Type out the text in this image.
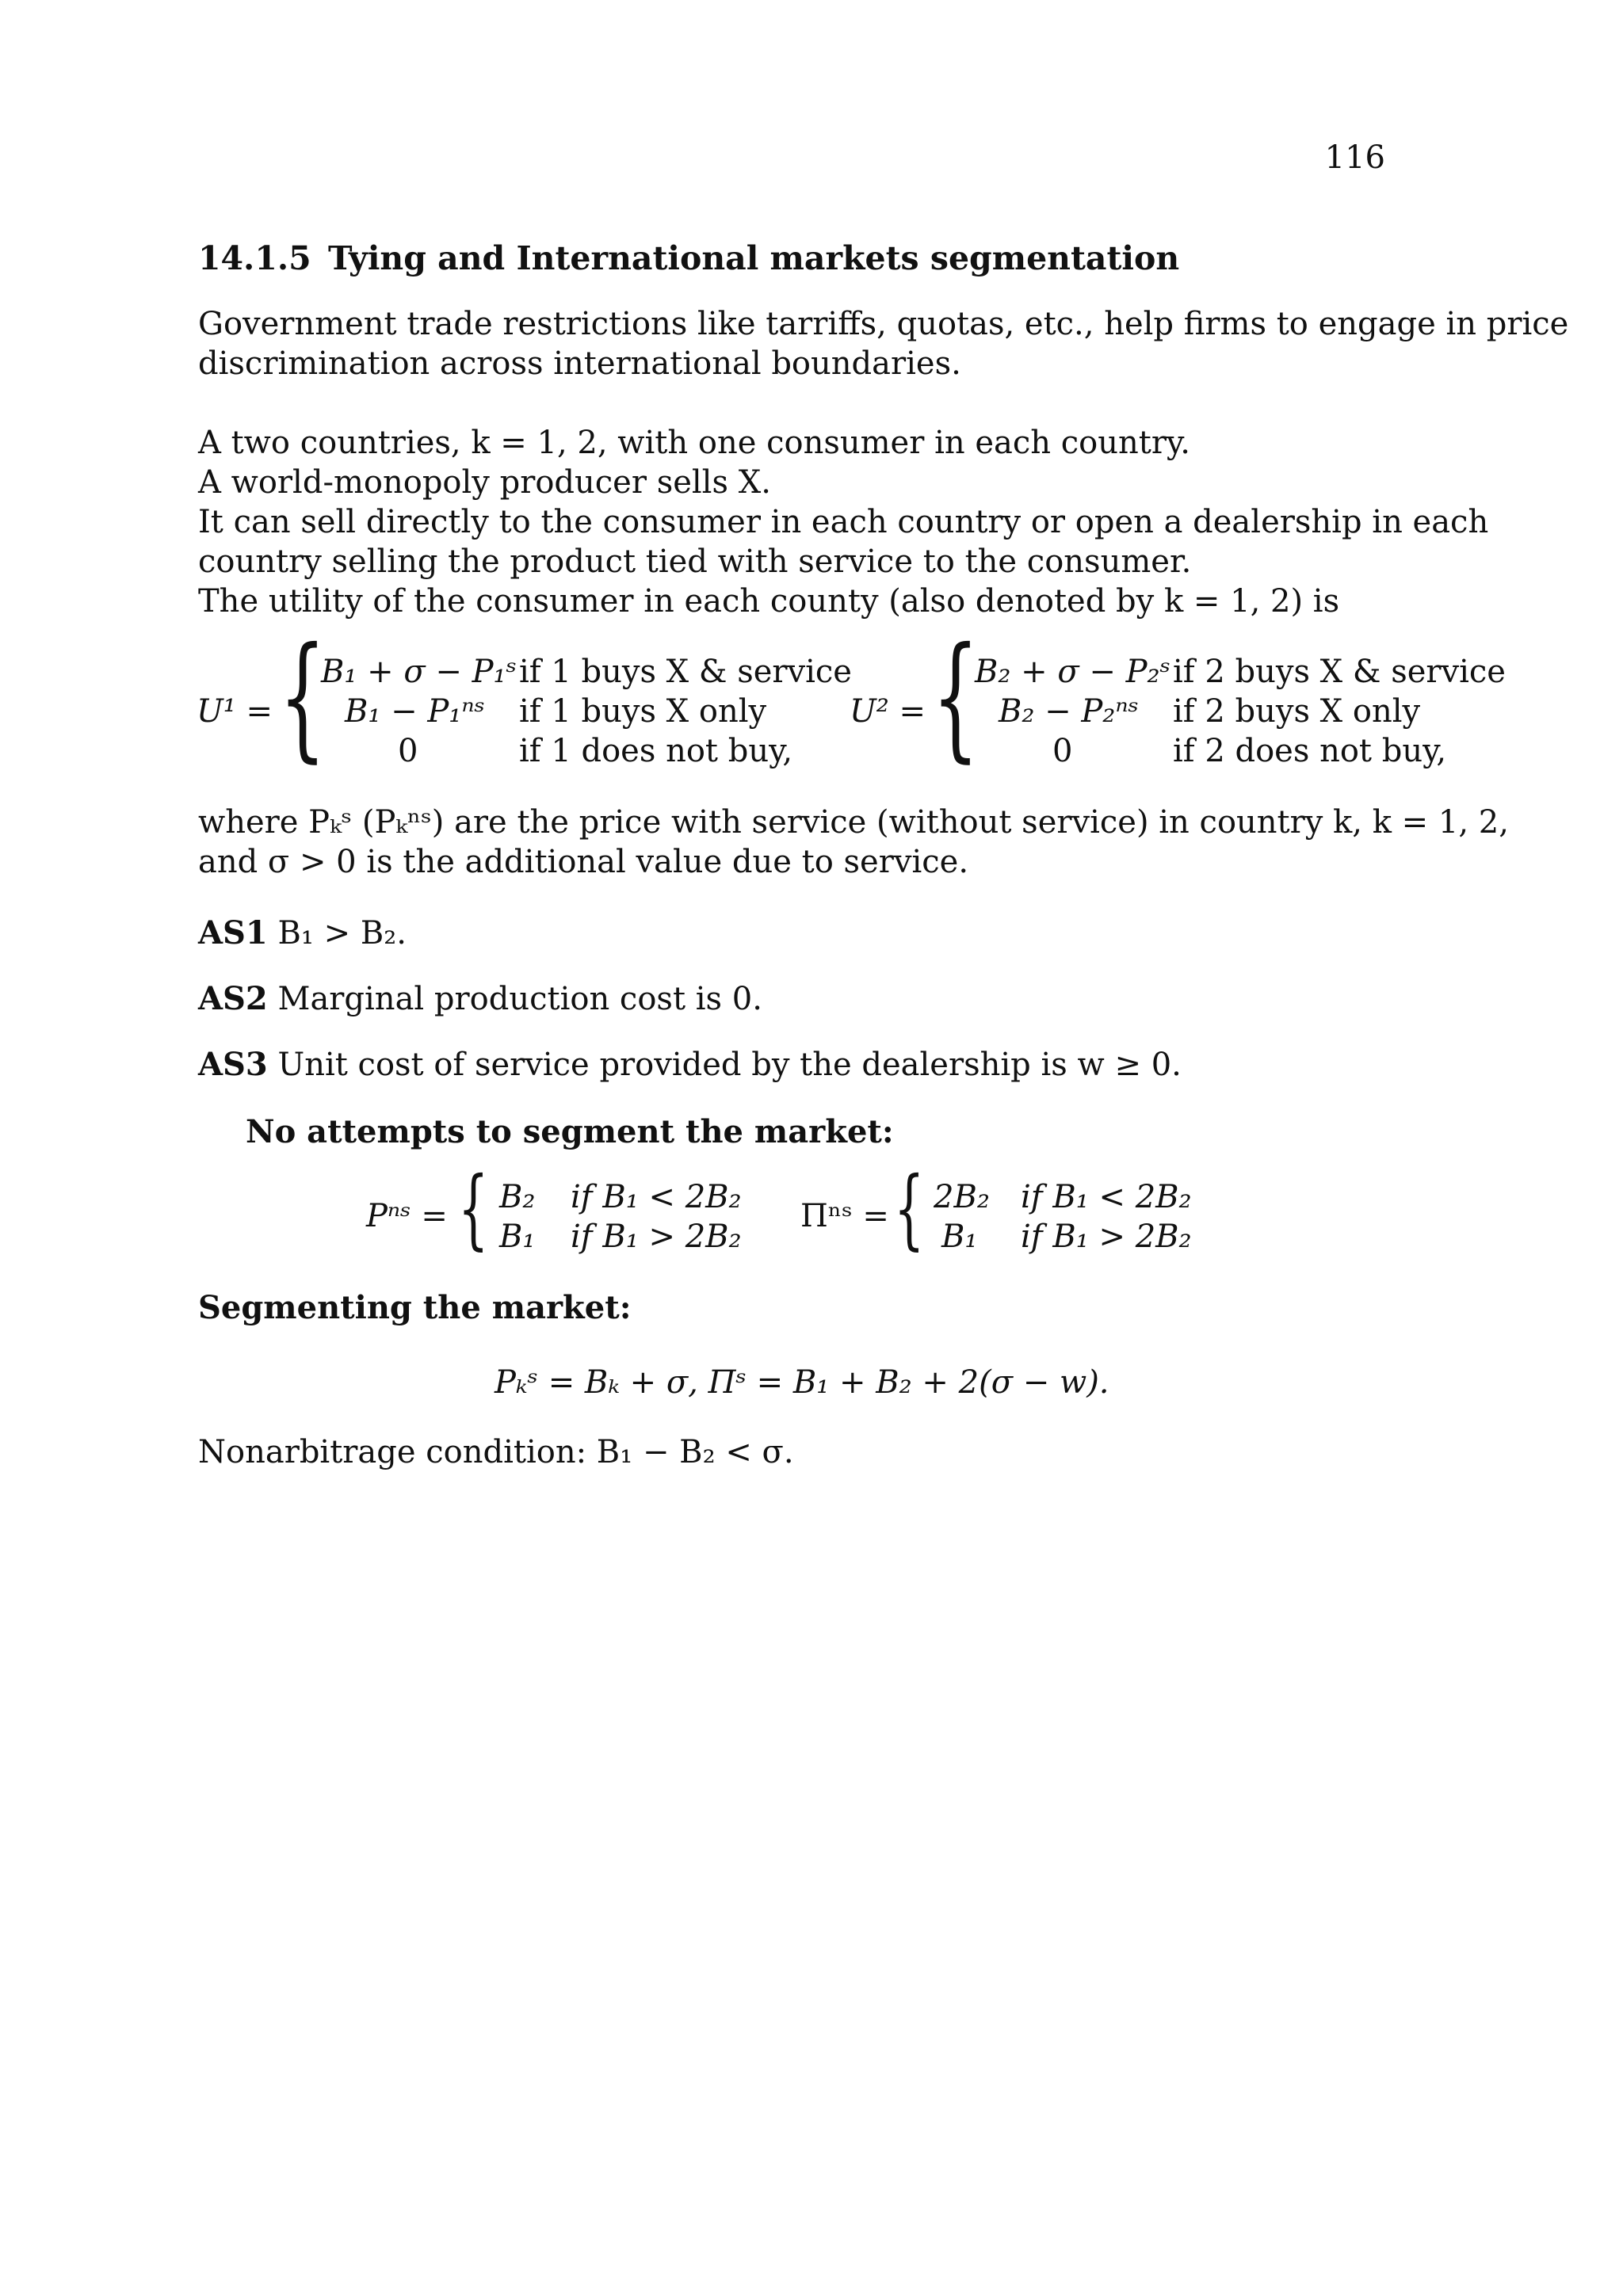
116
14.1.5 Tying and International markets segmentation
Government trade restrictions like tarriffs, quotas, etc., help firms to engage in price
discrimination across international boundaries.
A two countries, k = 1, 2, with one consumer in each country.
A world-monopoly producer sells X.
It can sell directly to the consumer in each country or open a dealership in each
country selling the product tied with service to the consumer.
The utility of the consumer in each county (also denoted by k = 1, 2) is
U¹ = {
B₁ + σ − P₁ˢ if 1 buys X & service
B₁ − P₁ⁿˢ if 1 buys X only
0	if 1 does not buy,
U² = {
B₂ + σ − P₂ˢ if 2 buys X & service
B₂ − P₂ⁿˢ if 2 buys X only
0	if 2 does not buy,
where Pₖˢ (Pₖⁿˢ) are the price with service (without service) in country k, k = 1, 2,
and σ > 0 is the additional value due to service.
AS1 B₁ > B₂.
AS2 Marginal production cost is 0.
AS3 Unit cost of service provided by the dealership is w ≥ 0.
No attempts to segment the market:
Pⁿˢ = { B₂ if B₁ < 2B₂
B₁ if B₁ > 2B₂
Πⁿˢ = { 2B₂ if B₁ < 2B₂
B₁ if B₁ > 2B₂
Segmenting the market:
Pₖˢ = Bₖ + σ, Πˢ = B₁ + B₂ + 2(σ − w).
Nonarbitrage condition: B₁ − B₂ < σ.
